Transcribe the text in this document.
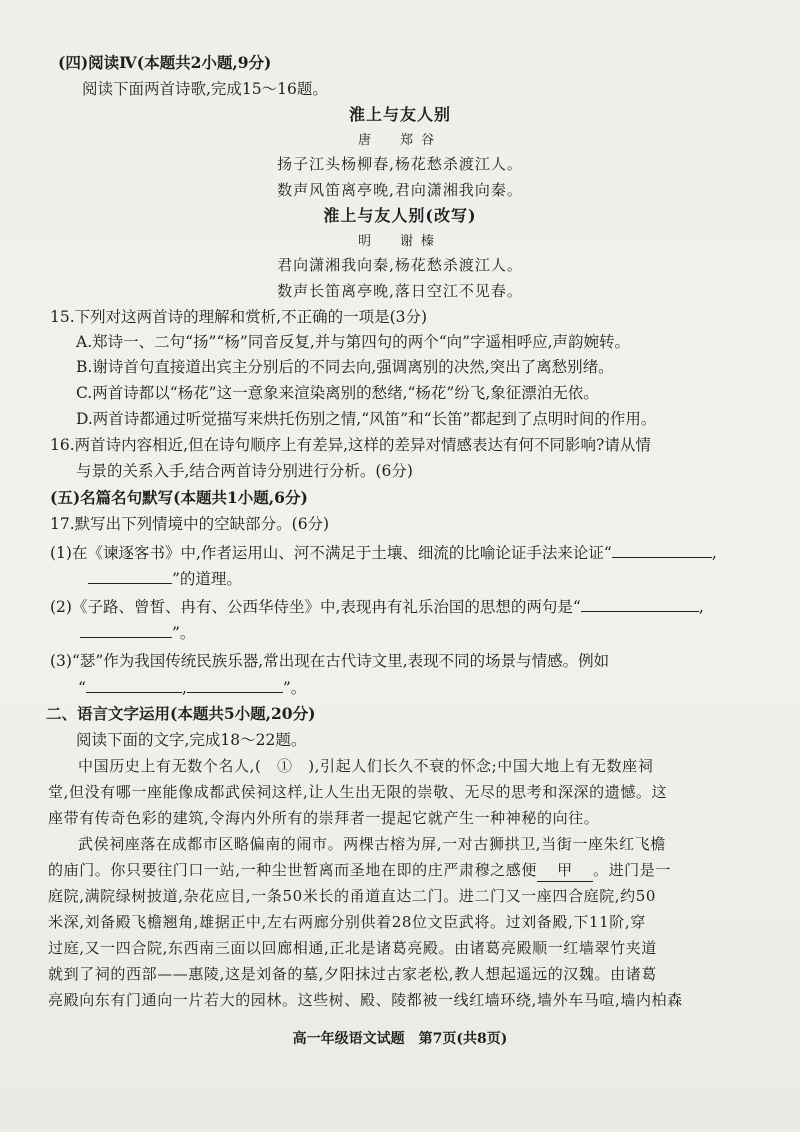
(四)阅读Ⅳ(本题共2小题,9分)
阅读下面两首诗歌,完成15～16题。
淮上与友人别
唐　郑谷
扬子江头杨柳春,杨花愁杀渡江人。
数声风笛离亭晚,君向潇湘我向秦。
淮上与友人别(改写)
明　谢榛
君向潇湘我向秦,杨花愁杀渡江人。
数声长笛离亭晚,落日空江不见春。
15.下列对这两首诗的理解和赏析,不正确的一项是(3分)
A.郑诗一、二句“扬”“杨”同音反复,并与第四句的两个“向”字遥相呼应,声韵婉转。
B.谢诗首句直接道出宾主分别后的不同去向,强调离别的决然,突出了离愁别绪。
C.两首诗都以“杨花”这一意象来渲染离别的愁绪,“杨花”纷飞,象征漂泊无依。
D.两首诗都通过听觉描写来烘托伤别之情,“风笛”和“长笛”都起到了点明时间的作用。
16.两首诗内容相近,但在诗句顺序上有差异,这样的差异对情感表达有何不同影响?请从情
与景的关系入手,结合两首诗分别进行分析。(6分)
(五)名篇名句默写(本题共1小题,6分)
17.默写出下列情境中的空缺部分。(6分)
(1)在《谏逐客书》中,作者运用山、河不满足于土壤、细流的比喻论证手法来论证“	,
”的道理。
(2)《子路、曾皙、冉有、公西华侍坐》中,表现冉有礼乐治国的思想的两句是“	,
”。
(3)“瑟”作为我国传统民族乐器,常出现在古代诗文里,表现不同的场景与情感。例如
“	,	”。
二、语言文字运用(本题共5小题,20分)
阅读下面的文字,完成18～22题。
中国历史上有无数个名人,(　①　),引起人们长久不衰的怀念;中国大地上有无数座祠
堂,但没有哪一座能像成都武侯祠这样,让人生出无限的崇敬、无尽的思考和深深的遗憾。这
座带有传奇色彩的建筑,令海内外所有的崇拜者一提起它就产生一种神秘的向往。
武侯祠座落在成都市区略偏南的闹市。两棵古榕为屏,一对古狮拱卫,当街一座朱红飞檐
的庙门。你只要往门口一站,一种尘世暂离而圣地在即的庄严肃穆之感便 甲 。进门是一
庭院,满院绿树披道,杂花应目,一条50米长的甬道直达二门。进二门又一座四合庭院,约50
米深,刘备殿飞檐翘角,雄据正中,左右两廊分别供着28位文臣武将。过刘备殿,下11阶,穿
过庭,又一四合院,东西南三面以回廊相通,正北是诸葛亮殿。由诸葛亮殿顺一红墙翠竹夹道
就到了祠的西部——惠陵,这是刘备的墓,夕阳抹过古家老松,教人想起遥远的汉魏。由诸葛
亮殿向东有门通向一片若大的园林。这些树、殿、陵都被一线红墙环绕,墙外车马喧,墙内柏森
高一年级语文试题　第7页(共8页)
